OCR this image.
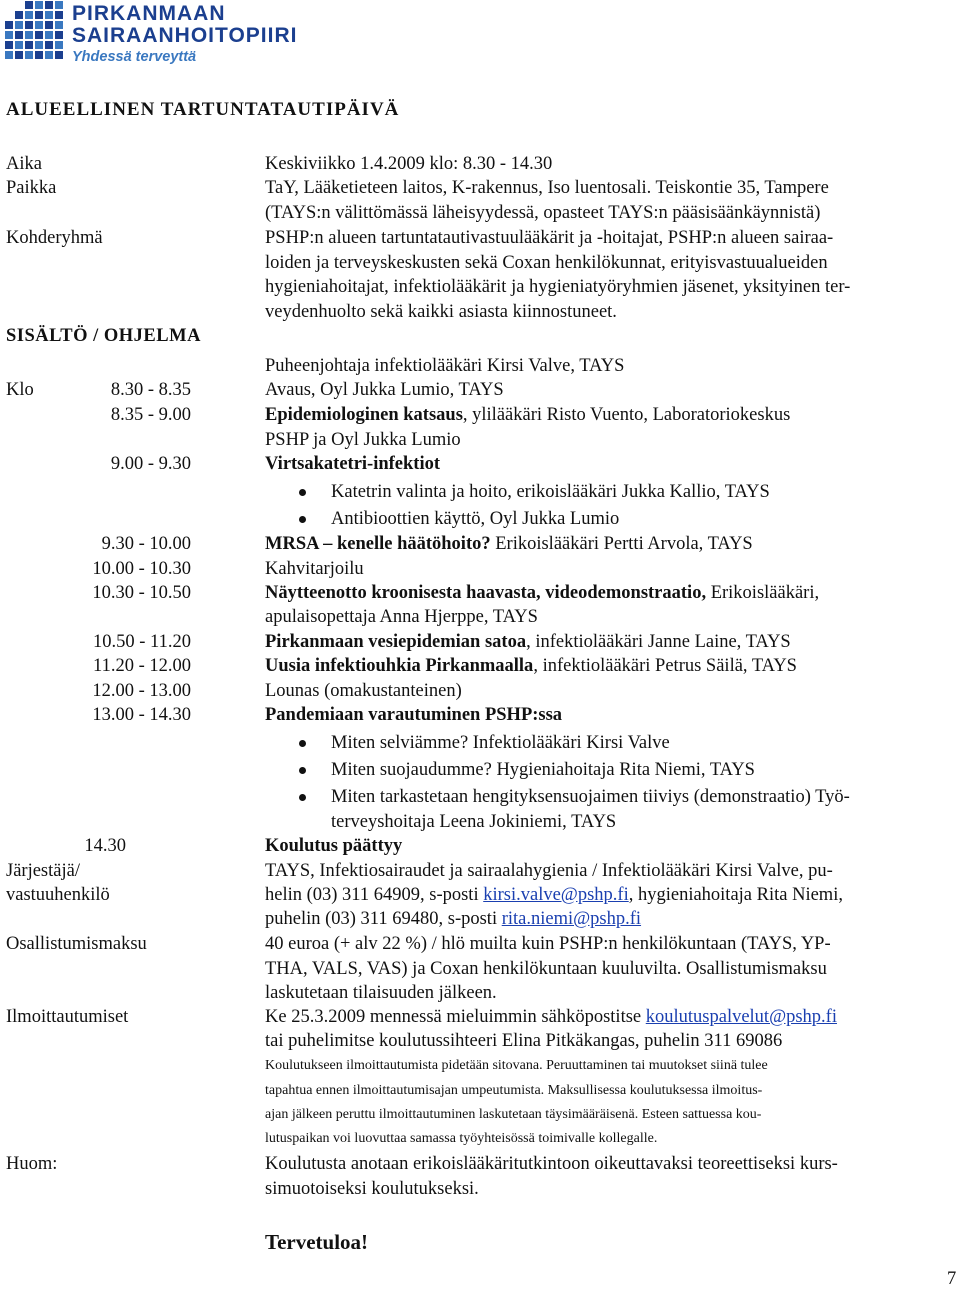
PIRKANMAAN
SAIRAANHOITOPIIRI
Yhdessä terveyttä
ALUEELLINEN TARTUNTATAUTIPÄIVÄ
Aika	Keskiviikko 1.4.2009 klo: 8.30 - 14.30
Paikka	TaY, Lääketieteen laitos, K-rakennus, Iso luentosali. Teiskontie 35, Tampere
(TAYS:n välittömässä läheisyydessä, opasteet TAYS:n pääsisäänkäynnistä)
Kohderyhmä	PSHP:n alueen tartuntatautivastuulääkärit ja -hoitajat, PSHP:n alueen sairaa-
loiden ja terveyskeskusten sekä Coxan henkilökunnat, erityisvastuualueiden
hygieniahoitajat, infektiolääkärit ja hygieniatyöryhmien jäsenet, yksityinen ter-
veydenhuolto sekä kaikki asiasta kiinnostuneet.
SISÄLTÖ / OHJELMA
Puheenjohtaja infektiolääkäri Kirsi Valve, TAYS
Klo	8.30 - 8.35	Avaus, Oyl Jukka Lumio, TAYS
8.35 - 9.00	Epidemiologinen katsaus, ylilääkäri Risto Vuento, Laboratoriokeskus
PSHP ja Oyl Jukka Lumio
9.00 - 9.30	Virtsakatetri-infektiot
Katetrin valinta ja hoito, erikoislääkäri Jukka Kallio, TAYS
Antibioottien käyttö, Oyl Jukka Lumio
9.30 - 10.00	MRSA – kenelle häätöhoito? Erikoislääkäri Pertti Arvola, TAYS
10.00 - 10.30	Kahvitarjoilu
10.30 - 10.50	Näytteenotto kroonisesta haavasta, videodemonstraatio, Erikoislääkäri,
apulaisopettaja Anna Hjerppe, TAYS
10.50 - 11.20	Pirkanmaan vesiepidemian satoa, infektiolääkäri Janne Laine, TAYS
11.20 - 12.00	Uusia infektiouhkia Pirkanmaalla, infektiolääkäri Petrus Säilä, TAYS
12.00 - 13.00	Lounas (omakustanteinen)
13.00 - 14.30	Pandemiaan varautuminen PSHP:ssa
Miten selviämme? Infektiolääkäri Kirsi Valve
Miten suojaudumme? Hygieniahoitaja Rita Niemi, TAYS
Miten tarkastetaan hengityksensuojaimen tiiviys (demonstraatio) Työ-
terveyshoitaja Leena Jokiniemi, TAYS
14.30	Koulutus päättyy
Järjestäjä/
vastuuhenkilö
TAYS, Infektiosairaudet ja sairaalahygienia / Infektiolääkäri Kirsi Valve, pu-
helin (03) 311 64909, s-posti kirsi.valve@pshp.fi, hygieniahoitaja Rita Niemi,
puhelin (03) 311 69480, s-posti rita.niemi@pshp.fi
Osallistumismaksu	40 euroa (+ alv 22 %) / hlö muilta kuin PSHP:n henkilökuntaan (TAYS, YP-
THA, VALS, VAS) ja Coxan henkilökuntaan kuuluvilta. Osallistumismaksu
laskutetaan tilaisuuden jälkeen.
Ilmoittautumiset	Ke 25.3.2009 mennessä mieluimmin sähköpostitse koulutuspalvelut@pshp.fi
tai puhelimitse koulutussihteeri Elina Pitkäkangas, puhelin 311 69086
Koulutukseen ilmoittautumista pidetään sitovana. Peruuttaminen tai muutokset siinä tulee
tapahtua ennen ilmoittautumisajan umpeutumista. Maksullisessa koulutuksessa ilmoitus-
ajan jälkeen peruttu ilmoittautuminen laskutetaan täysimääräisenä. Esteen sattuessa kou-
lutuspaikan voi luovuttaa samassa työyhteisössä toimivalle kollegalle.
Huom:	Koulutusta anotaan erikoislääkäritutkintoon oikeuttavaksi teoreettiseksi kurs-
simuotoiseksi koulutukseksi.
Tervetuloa!
7
